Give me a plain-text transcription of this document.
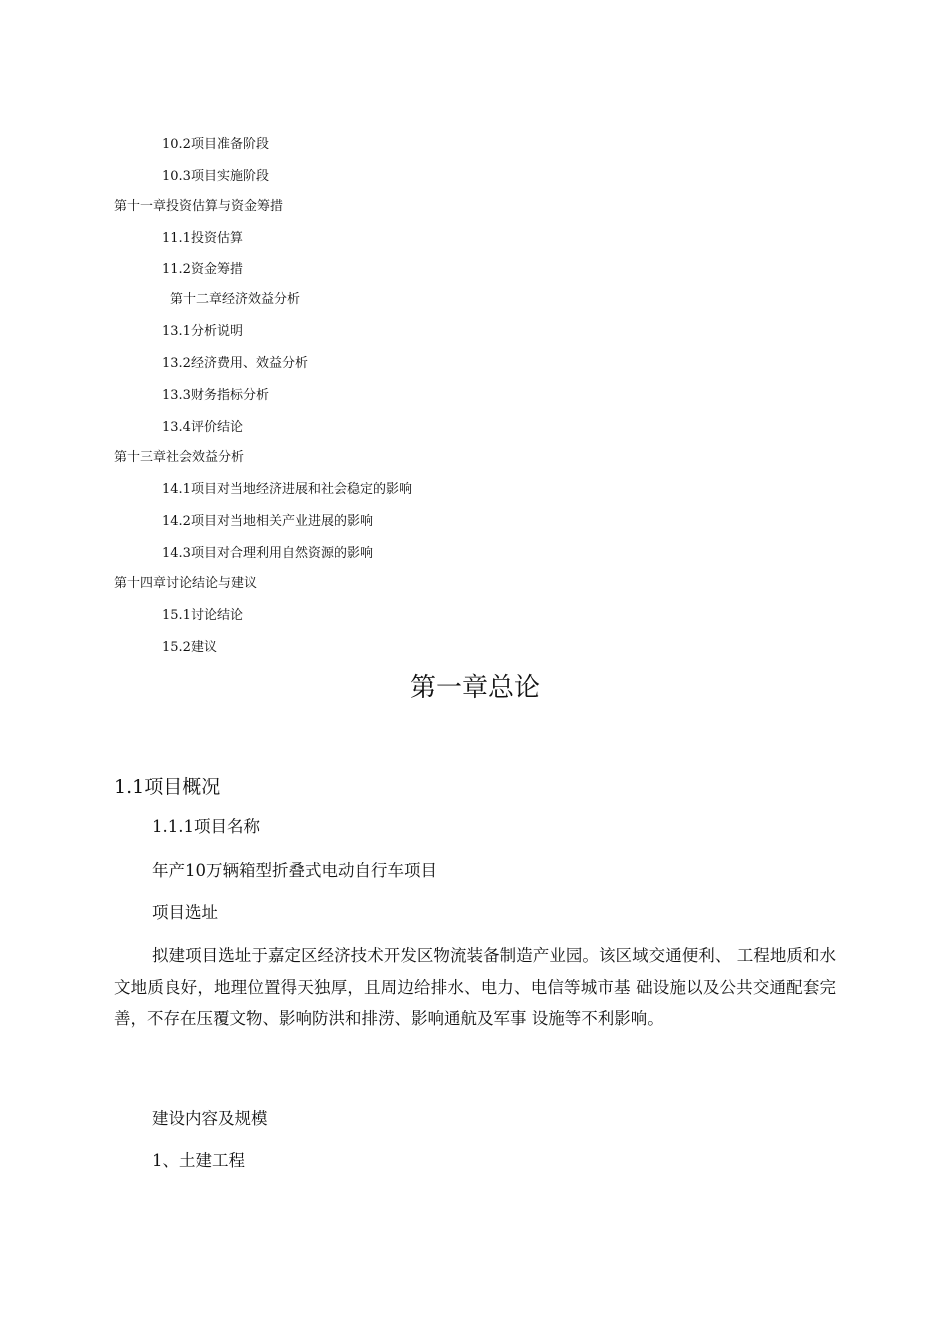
10.2项目准备阶段
10.3项目实施阶段
第十一章投资估算与资金筹措
11.1投资估算
11.2资金筹措
第十二章经济效益分析
13.1分析说明
13.2经济费用、效益分析
13.3财务指标分析
13.4评价结论
第十三章社会效益分析
14.1项目对当地经济进展和社会稳定的影响
14.2项目对当地相关产业进展的影响
14.3项目对合理利用自然资源的影响
第十四章讨论结论与建议
15.1讨论结论
15.2建议
第一章总论
1.1项目概况
1.1.1项目名称
年产10万辆箱型折叠式电动自行车项目
项目选址
拟建项目选址于嘉定区经济技术开发区物流装备制造产业园。该区域交通便利、 工程地质和水文地质良好，地理位置得天独厚，且周边给排水、电力、电信等城市基 础设施以及公共交通配套完善，不存在压覆文物、影响防洪和排涝、影响通航及军事 设施等不利影响。
建设内容及规模
1、土建工程
